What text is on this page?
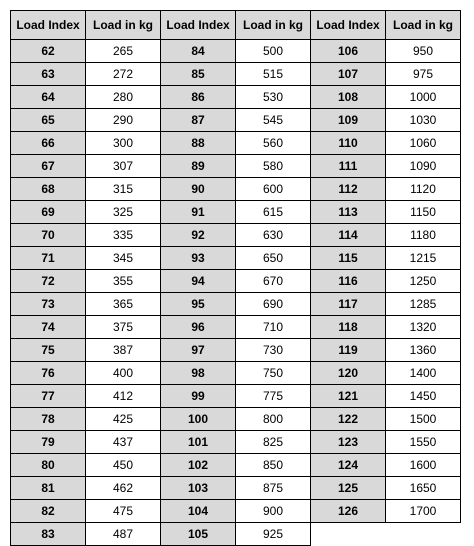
Load Index	Load in kg	Load Index	Load in kg	Load Index	Load in kg
62	265	84	500	106	950
63	272	85	515	107	975
64	280	86	530	108	1000
65	290	87	545	109	1030
66	300	88	560	110	1060
67	307	89	580	111	1090
68	315	90	600	112	1120
69	325	91	615	113	1150
70	335	92	630	114	1180
71	345	93	650	115	1215
72	355	94	670	116	1250
73	365	95	690	117	1285
74	375	96	710	118	1320
75	387	97	730	119	1360
76	400	98	750	120	1400
77	412	99	775	121	1450
78	425	100	800	122	1500
79	437	101	825	123	1550
80	450	102	850	124	1600
81	462	103	875	125	1650
82	475	104	900	126	1700
83	487	105	925		
